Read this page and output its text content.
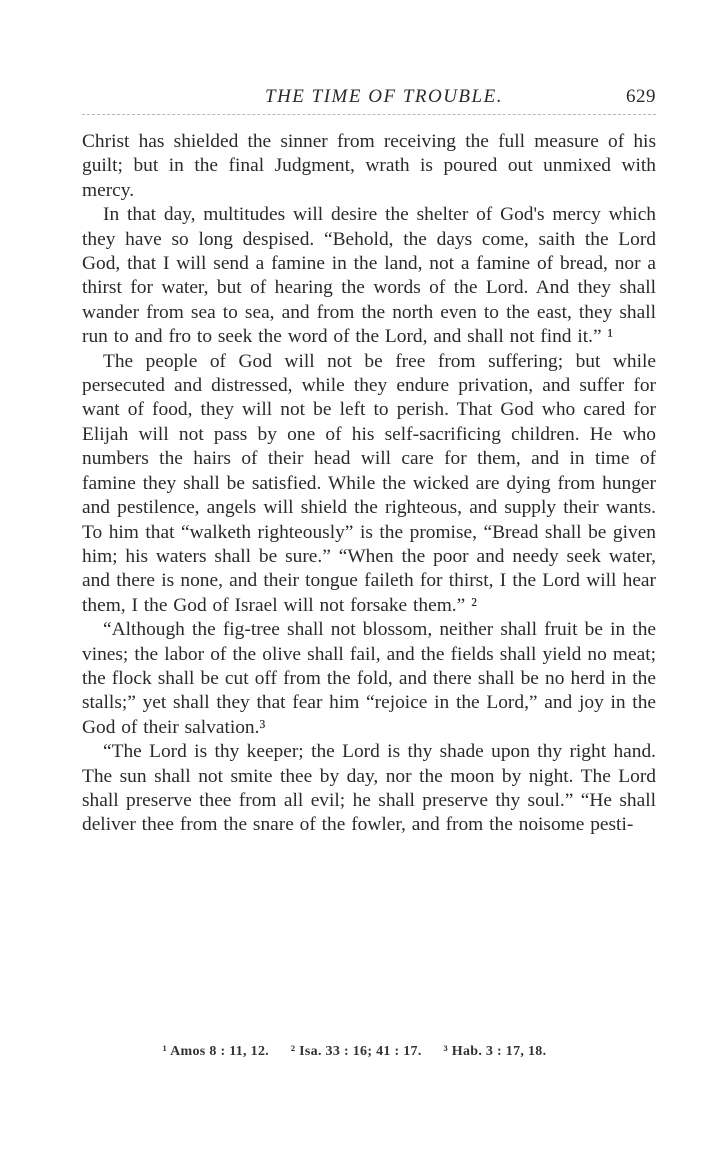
THE TIME OF TROUBLE.	629

Christ has shielded the sinner from receiving the full measure of his guilt; but in the final Judgment, wrath is poured out unmixed with mercy.

In that day, multitudes will desire the shelter of God's mercy which they have so long despised. “Behold, the days come, saith the Lord God, that I will send a famine in the land, not a famine of bread, nor a thirst for water, but of hearing the words of the Lord. And they shall wander from sea to sea, and from the north even to the east, they shall run to and fro to seek the word of the Lord, and shall not find it.” ¹

The people of God will not be free from suffering; but while persecuted and distressed, while they endure privation, and suffer for want of food, they will not be left to perish. That God who cared for Elijah will not pass by one of his self-sacrificing children. He who numbers the hairs of their head will care for them, and in time of famine they shall be satisfied. While the wicked are dying from hunger and pestilence, angels will shield the righteous, and supply their wants. To him that “walketh righteously” is the promise, “Bread shall be given him; his waters shall be sure.” “When the poor and needy seek water, and there is none, and their tongue faileth for thirst, I the Lord will hear them, I the God of Israel will not forsake them.” ²

“Although the fig-tree shall not blossom, neither shall fruit be in the vines; the labor of the olive shall fail, and the fields shall yield no meat; the flock shall be cut off from the fold, and there shall be no herd in the stalls;” yet shall they that fear him “rejoice in the Lord,” and joy in the God of their salvation.³

“The Lord is thy keeper; the Lord is thy shade upon thy right hand. The sun shall not smite thee by day, nor the moon by night. The Lord shall preserve thee from all evil; he shall preserve thy soul.” “He shall deliver thee from the snare of the fowler, and from the noisome pesti-

¹ Amos 8 : 11, 12. ² Isa. 33 : 16; 41 : 17. ³ Hab. 3 : 17, 18.
